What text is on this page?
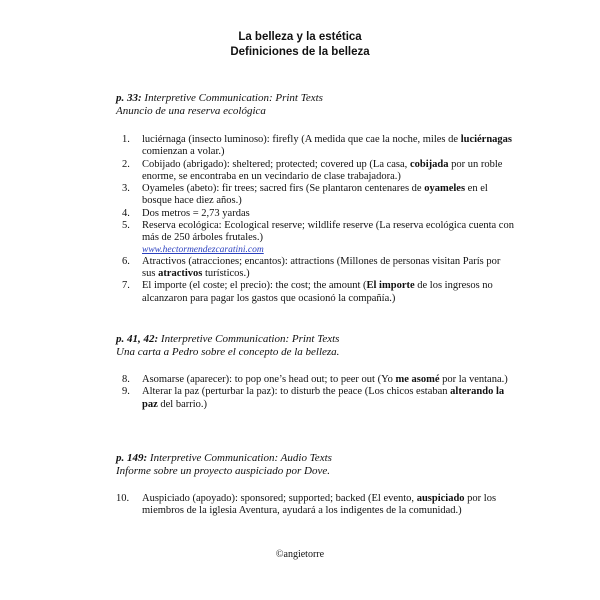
La belleza y la estética
Definiciones de la belleza
p. 33: Interpretive Communication: Print Texts
Anuncio de una reserva ecológica
1. luciérnaga (insecto luminoso): firefly (A medida que cae la noche, miles de luciérnagas comienzan a volar.)
2. Cobijado (abrigado): sheltered; protected; covered up (La casa, cobijada por un roble enorme, se encontraba en un vecindario de clase trabajadora.)
3. Oyameles (abeto): fir trees; sacred firs (Se plantaron centenares de oyameles en el bosque hace diez años.)
4. Dos metros = 2,73 yardas
5. Reserva ecológica: Ecological reserve; wildlife reserve (La reserva ecológica cuenta con más de 250 árboles frutales.)
www.hectormendezcaratini.com
6. Atractivos (atracciones; encantos): attractions (Millones de personas visitan París por sus atractivos turísticos.)
7. El importe (el coste; el precio): the cost; the amount (El importe de los ingresos no alcanzaron para pagar los gastos que ocasionó la compañía.)
p. 41, 42: Interpretive Communication: Print Texts
Una carta a Pedro sobre el concepto de la belleza.
8. Asomarse (aparecer): to pop one’s head out; to peer out (Yo me asomé por la ventana.)
9. Alterar la paz (perturbar la paz): to disturb the peace (Los chicos estaban alterando la paz del barrio.)
p. 149: Interpretive Communication: Audio Texts
Informe sobre un proyecto auspiciado por Dove.
10. Auspiciado (apoyado): sponsored; supported; backed (El evento, auspiciado por los miembros de la iglesia Aventura, ayudará a los indigentes de la comunidad.)
©angietorre
